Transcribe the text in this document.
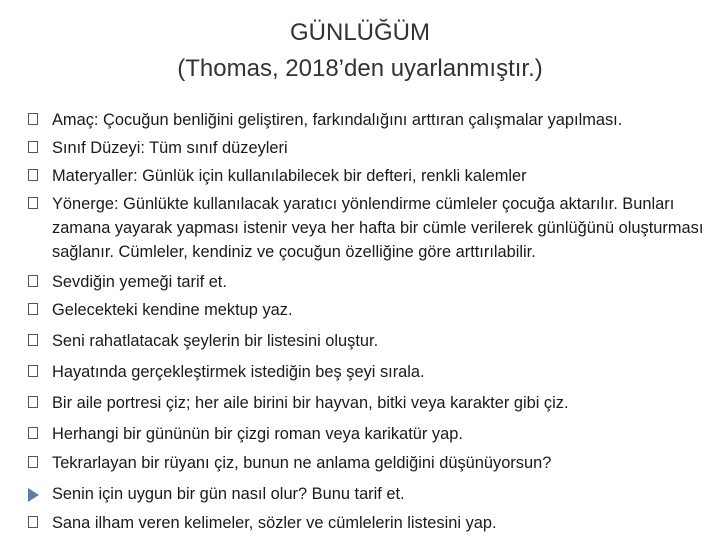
GÜNLÜĞÜM
(Thomas, 2018’den uyarlanmıştır.)
Amaç: Çocuğun benliğini geliştiren, farkındalığını arttıran çalışmalar yapılması.
Sınıf Düzeyi: Tüm sınıf düzeyleri
Materyaller: Günlük için kullanılabilecek bir defteri, renkli kalemler
Yönerge: Günlükte kullanılacak yaratıcı yönlendirme cümleler çocuğa aktarılır. Bunları zamana yayarak yapması istenir veya her hafta bir cümle verilerek günlüğünü oluşturması sağlanır. Cümleler, kendiniz ve çocuğun özelliğine göre arttırılabilir.
Sevdiğin yemeği tarif et.
Gelecekteki kendine mektup yaz.
Seni rahatlatacak şeylerin bir listesini oluştur.
Hayatında gerçekleştirmek istediğin beş şeyi sırala.
Bir aile portresi çiz; her aile birini bir hayvan, bitki veya karakter gibi çiz.
Herhangi bir gününün bir çizgi roman veya karikatür yap.
Tekrarlayan bir rüyanı çiz, bunun ne anlama geldiğini düşünüyorsun?
Senin için uygun bir gün nasıl olur? Bunu tarif et.
Sana ilham veren kelimeler, sözler ve cümlelerin listesini yap.
